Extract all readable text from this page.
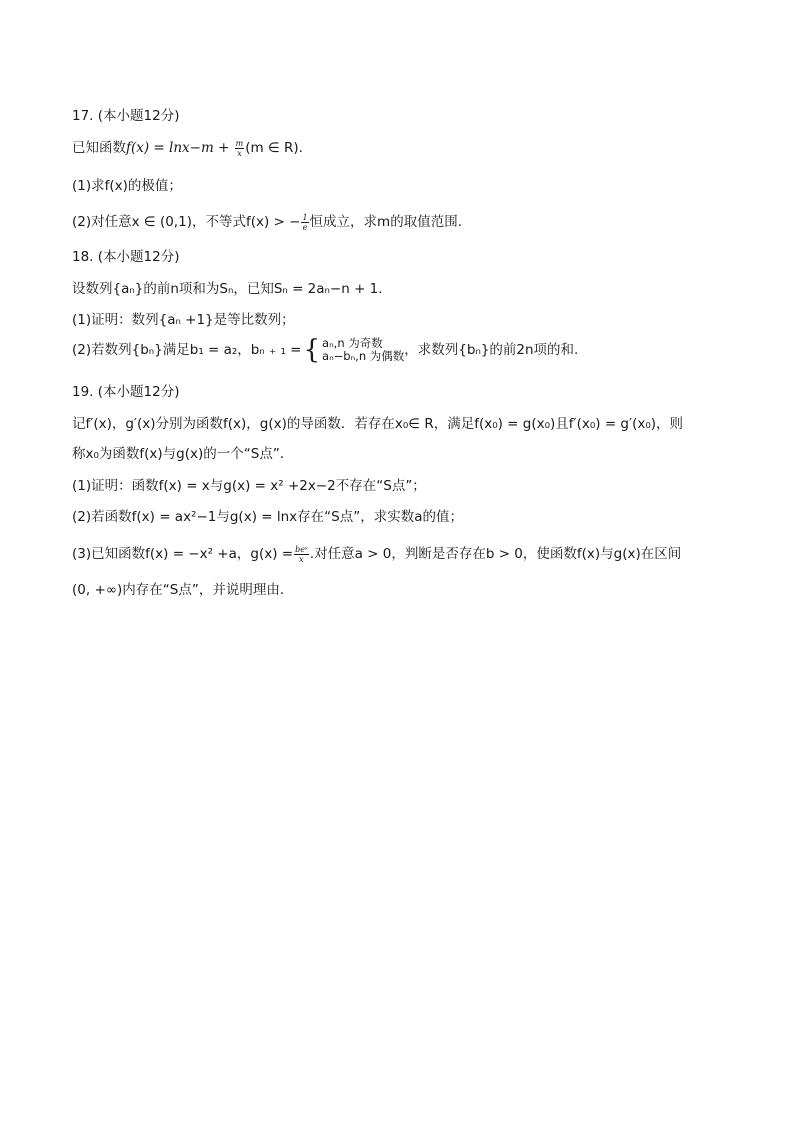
17. (本小题12分)
已知函数$f(x) = \ln x-m + \frac{m}{x} (m$ ∈ R).
(1)求f(x)的极值；
(2)对任意x ∈ (0,1)，不等式f(x) > − $\frac{1}{e}$ 恒成立，求m的取值范围.
18. (本小题12分)
设数列{aₙ}的前n项和为Sₙ，已知Sₙ = 2aₙ−n + 1.
(1)证明：数列{aₙ +1}是等比数列；
(2)若数列{bₙ}满足b₁ = a₂，bₙ ₊ ₁ ={ aₙ,n 为奇数
aₙ−bₙ,n 为偶数 ，求数列{bₙ}的前2n项的和.
19. (本小题12分)
记f′(x)，g′(x)分别为函数f(x)，g(x)的导函数．若存在x₀∈ R，满足f(x₀) = g(x₀)且f′(x₀) = g′(x₀)，则
称x₀为函数f(x)与g(x)的一个“S点”．
(1)证明：函数f(x) = x与g(x) = x² +2x−2不存在“S点”；
(2)若函数f(x) = ax²−1与g(x) = lnx存在“S点”，求实数a的值；
(3)已知函数f(x) = −x² +a，$g(x) = \frac{\text{beˣ}}{x}$ .对任意a > 0，判断是否存在b > 0，使函数f(x)与g(x)在区间
(0, +∞)内存在“S点”，并说明理由.
